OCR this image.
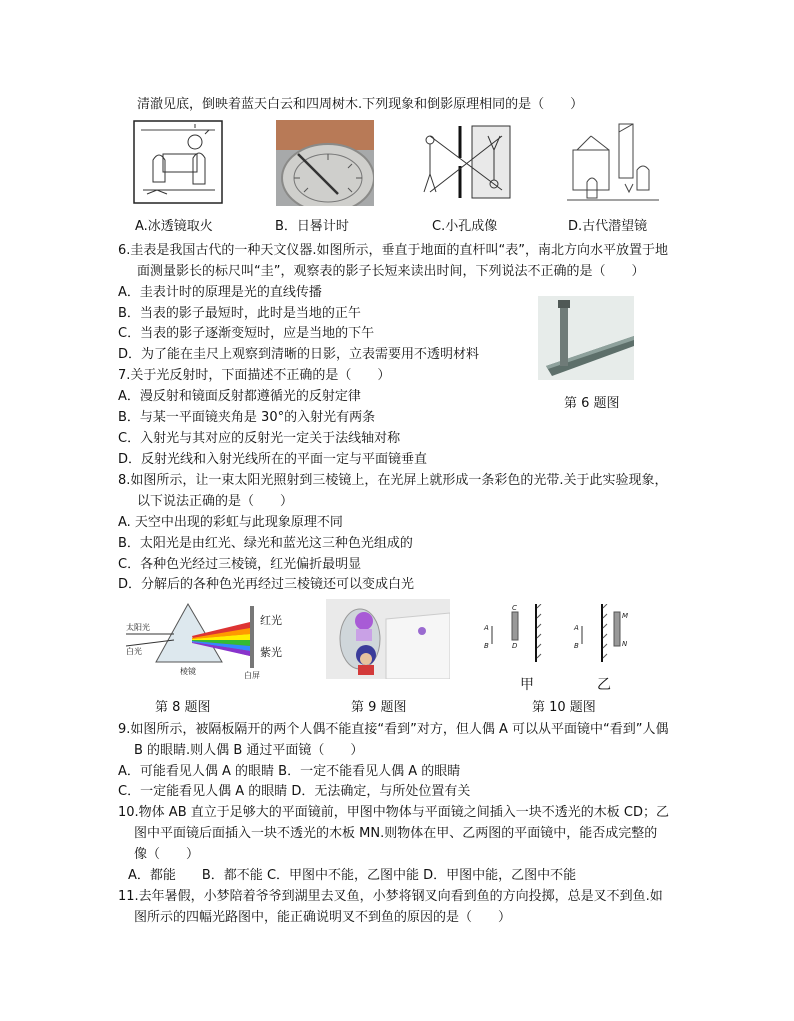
清澈见底，倒映着蓝天白云和四周树木.下列现象和倒影原理相同的是（　　）
A.冰透镜取火	B．日晷计时	C.小孔成像	D.古代潜望镜
6.圭表是我国古代的一种天文仪器.如图所示，垂直于地面的直杆叫“表”，南北方向水平放置于地
面测量影长的标尺叫“圭”，观察表的影子长短来读出时间，下列说法不正确的是（　　）
A．圭表计时的原理是光的直线传播
B．当表的影子最短时，此时是当地的正午
C．当表的影子逐渐变短时，应是当地的下午
D．为了能在圭尺上观察到清晰的日影，立表需要用不透明材料
7.关于光反射时，下面描述不正确的是（　　）
A．漫反射和镜面反射都遵循光的反射定律	第 6 题图
B．与某一平面镜夹角是 30°的入射光有两条
C．入射光与其对应的反射光一定关于法线轴对称
D．反射光线和入射光线所在的平面一定与平面镜垂直
8.如图所示，让一束太阳光照射到三棱镜上，在光屏上就形成一条彩色的光带.关于此实验现象，
以下说法正确的是（　　）
A. 天空中出现的彩虹与此现象原理不同
B．太阳光是由红光、绿光和蓝光这三种色光组成的
C．各种色光经过三棱镜，红光偏折最明显
D．分解后的各种色光再经过三棱镜还可以变成白光
太阳光
白光
棱镜
红光
紫光
白屏
A
B
C
D
A
B
M
N
甲	乙
第 8 题图	第 9 题图	第 10 题图
9.如图所示，被隔板隔开的两个人偶不能直接“看到”对方，但人偶 A 可以从平面镜中“看到”人偶
B 的眼睛.则人偶 B 通过平面镜（　　）
A．可能看见人偶 A 的眼睛 B．一定不能看见人偶 A 的眼睛
C．一定能看见人偶 A 的眼睛 D．无法确定，与所处位置有关
10.物体 AB 直立于足够大的平面镜前，甲图中物体与平面镜之间插入一块不透光的木板 CD；乙
图中平面镜后面插入一块不透光的木板 MN.则物体在甲、乙两图的平面镜中，能否成完整的
像（　　）
A．都能　　B．都不能 C．甲图中不能，乙图中能 D．甲图中能，乙图中不能
11.去年暑假，小梦陪着爷爷到湖里去叉鱼，小梦将钢叉向看到鱼的方向投掷，总是叉不到鱼.如
图所示的四幅光路图中，能正确说明叉不到鱼的原因的是（　　）
